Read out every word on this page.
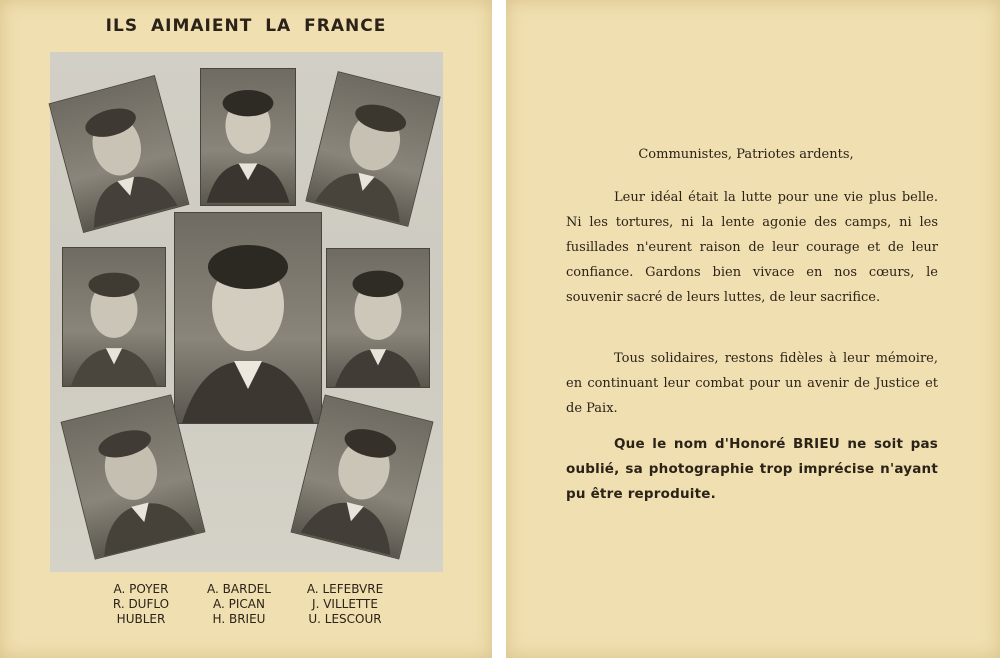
ILS AIMAIENT LA FRANCE
A. POYER
R. DUFLO
HUBLER
A. BARDEL
A. PICAN
H. BRIEU
A. LEFEBVRE
J. VILLETTE
U. LESCOUR
Communistes, Patriotes ardents,
Leur idéal était la lutte pour une vie plus belle. Ni les tortures, ni la lente agonie des camps, ni les fusillades n'eurent raison de leur courage et de leur confiance. Gardons bien vivace en nos cœurs, le souvenir sacré de leurs luttes, de leur sacrifice.
Tous solidaires, restons fidèles à leur mémoire, en continuant leur combat pour un avenir de Justice et de Paix.
Que le nom d'Honoré BRIEU ne soit pas oublié, sa photographie trop imprécise n'ayant pu être reproduite.
